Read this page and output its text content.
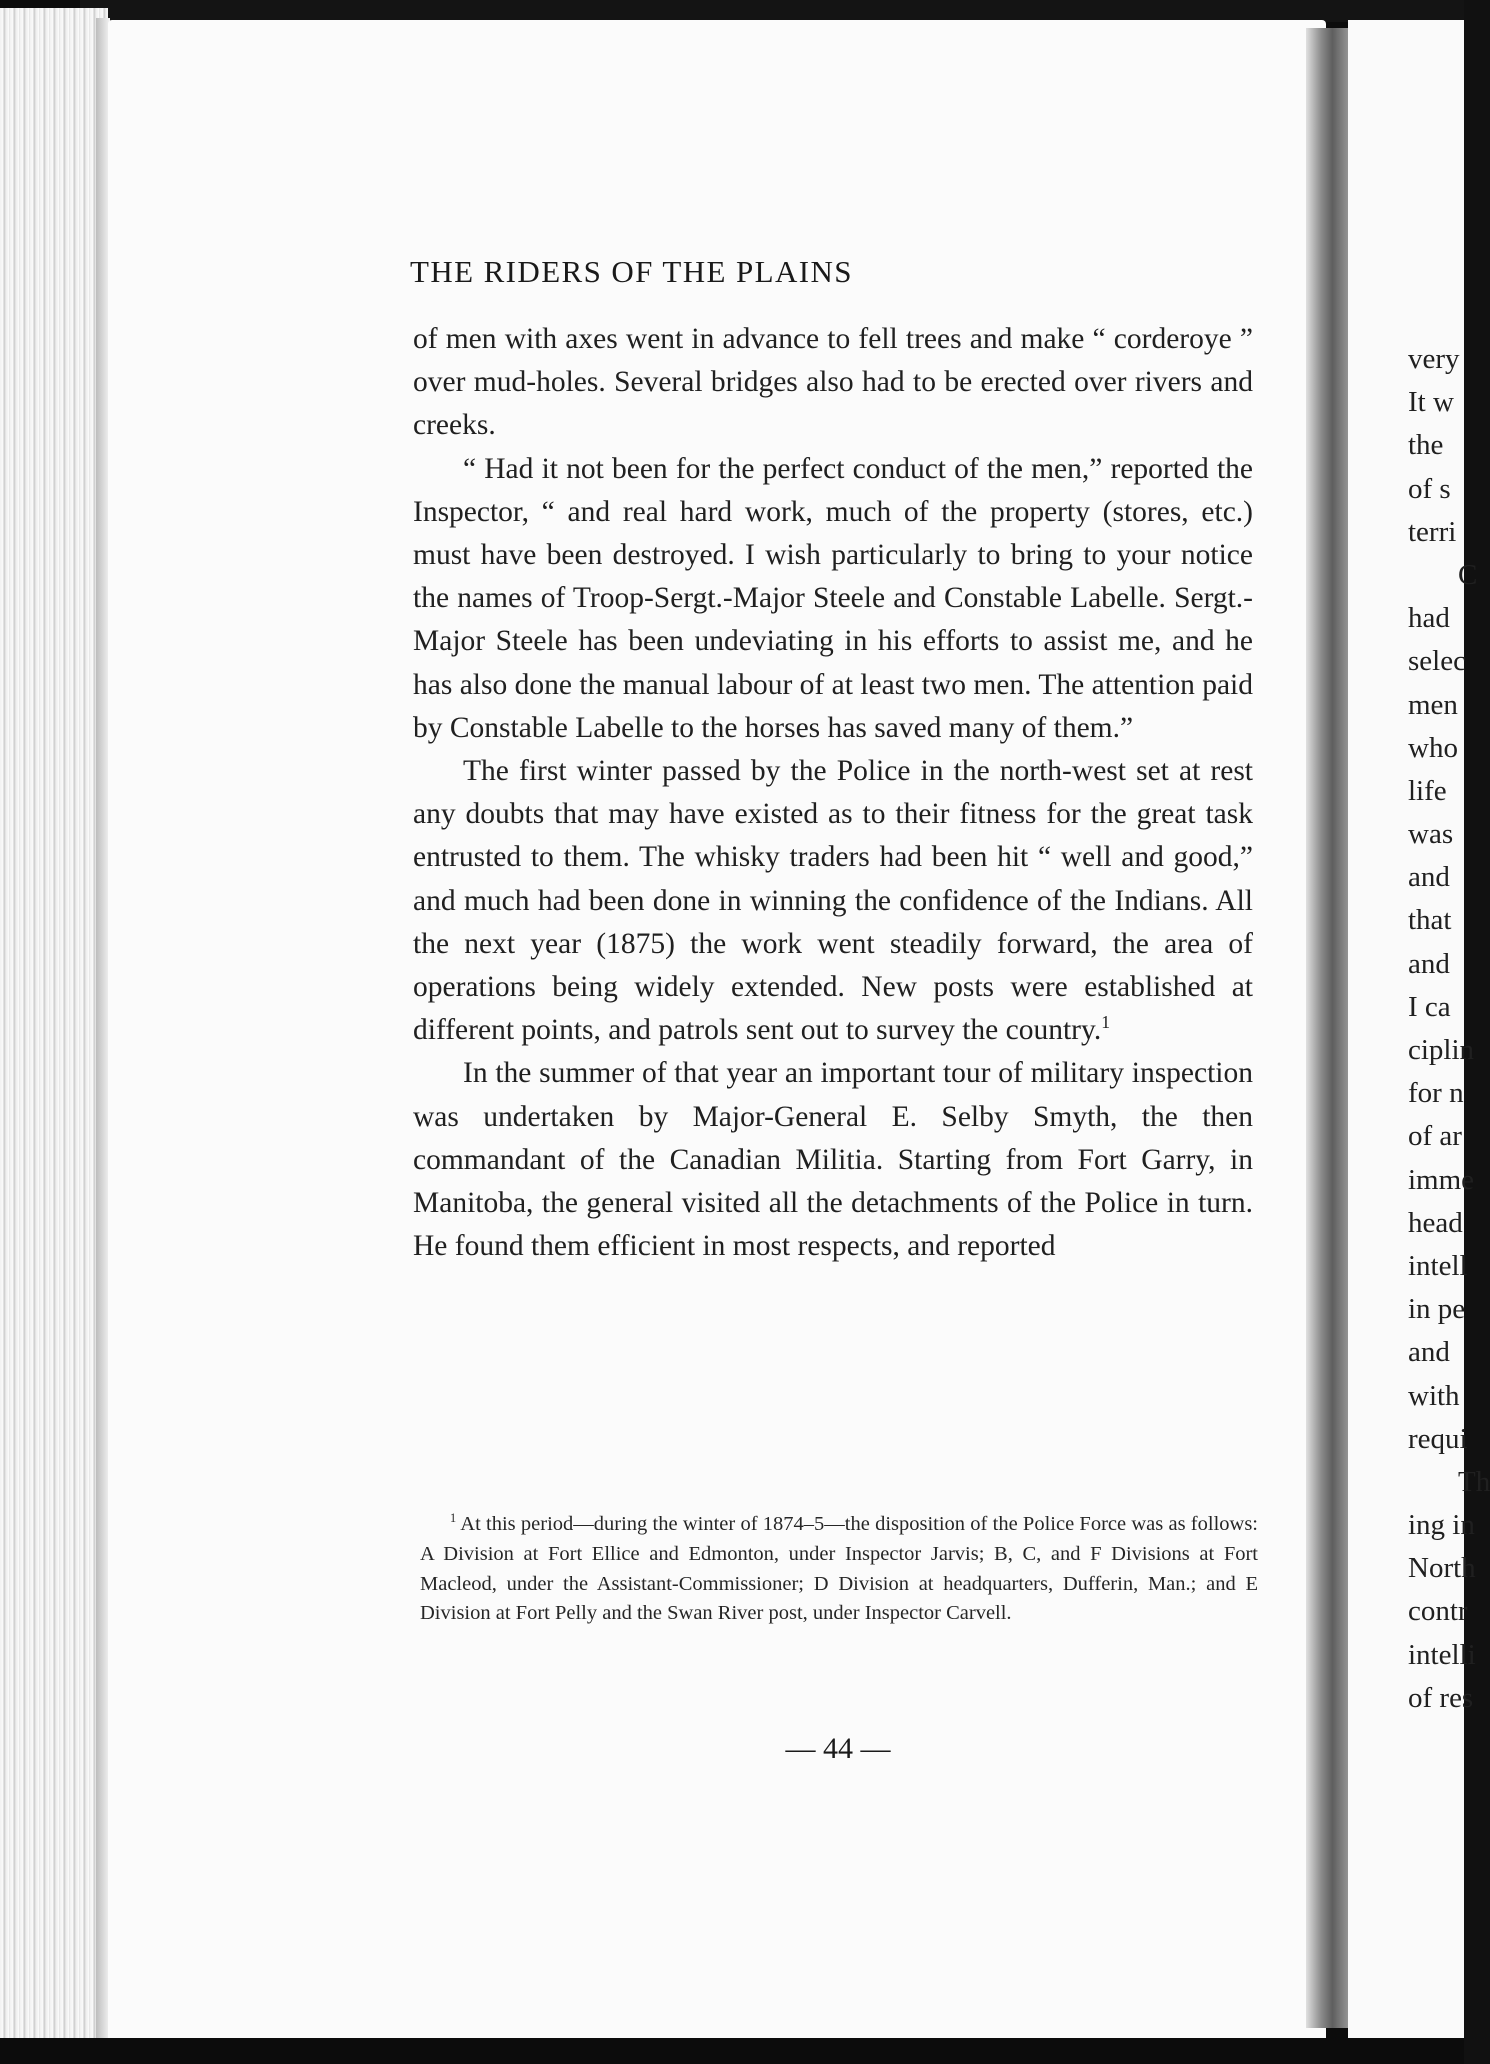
very
It w
the
of s
terri
C
had
selec
men
who
life
was
and
that
and
I ca
ciplin
for n
of ar
imme
head
intell
in pe
and
with
requi
Th
ing in
North
contr
intelli
of res
THE RIDERS OF THE PLAINS

of men with axes went in advance to fell trees and make “ corderoye ” over mud-holes. Several bridges also had to be erected over rivers and creeks.

“ Had it not been for the perfect conduct of the men,” reported the Inspector, “ and real hard work, much of the property (stores, etc.) must have been destroyed. I wish particularly to bring to your notice the names of Troop-Sergt.-Major Steele and Constable Labelle. Sergt.-Major Steele has been undeviating in his efforts to assist me, and he has also done the manual labour of at least two men. The attention paid by Constable Labelle to the horses has saved many of them.”

The first winter passed by the Police in the north-west set at rest any doubts that may have existed as to their fitness for the great task entrusted to them. The whisky traders had been hit “ well and good,” and much had been done in winning the confidence of the Indians. All the next year (1875) the work went steadily forward, the area of operations being widely extended. New posts were established at different points, and patrols sent out to survey the country.$^1$

In the summer of that year an important tour of military inspection was undertaken by Major-General E. Selby Smyth, the then commandant of the Canadian Militia. Starting from Fort Garry, in Manitoba, the general visited all the detachments of the Police in turn. He found them efficient in most respects, and reported

$^1$ At this period—during the winter of 1874–5—the disposition of the Police Force was as follows: A Division at Fort Ellice and Edmonton, under Inspector Jarvis; B, C, and F Divisions at Fort Macleod, under the Assistant-Commissioner; D Division at headquarters, Dufferin, Man.; and E Division at Fort Pelly and the Swan River post, under Inspector Carvell.

— 44 —
